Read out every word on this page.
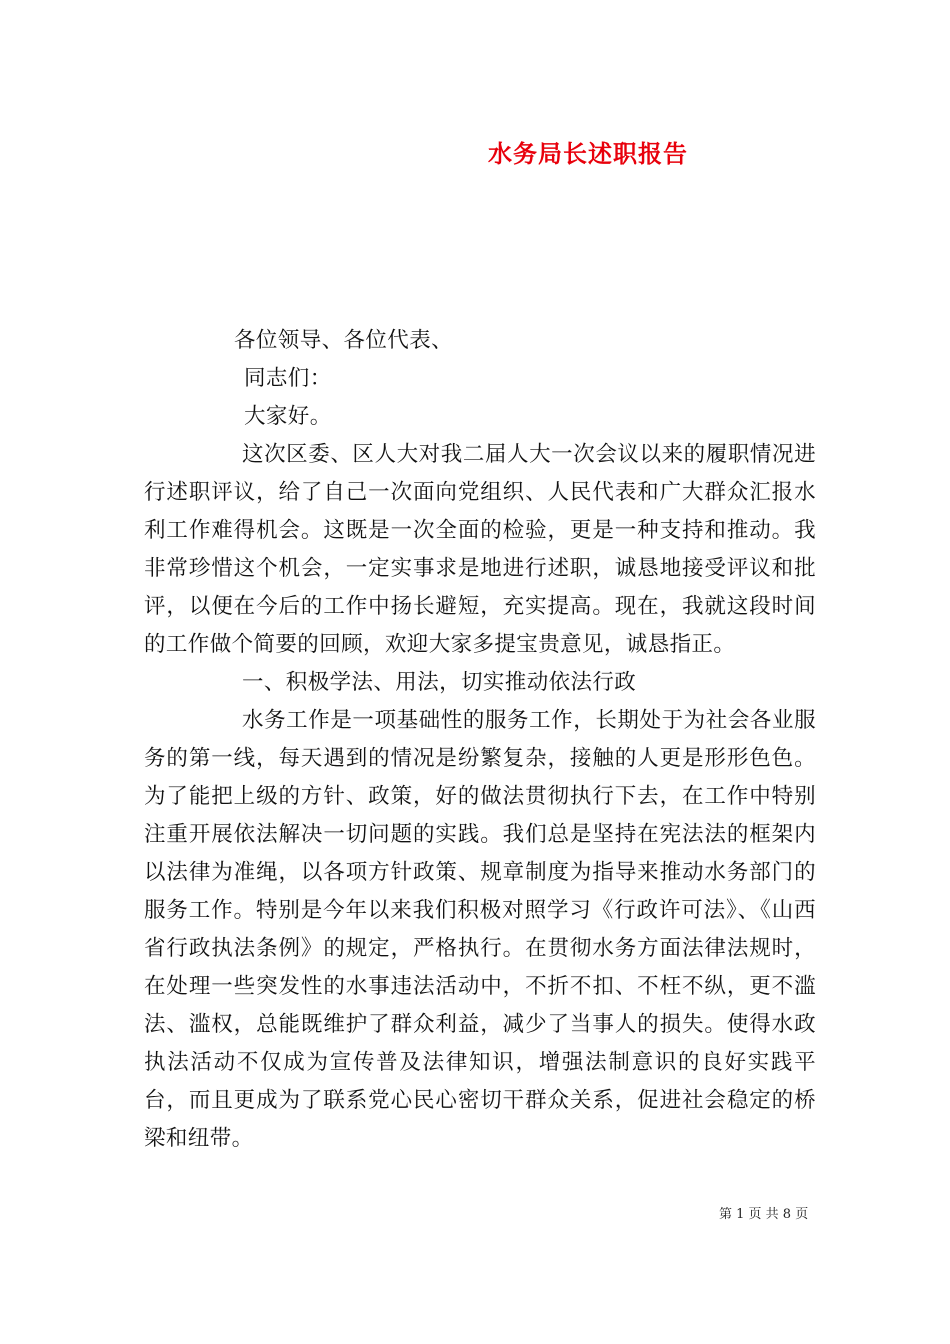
水务局长述职报告

各位领导、各位代表、

同志们：

大家好。

这次区委、区人大对我二届人大一次会议以来的履职情况进行述职评议，给了自己一次面向党组织、人民代表和广大群众汇报水利工作难得机会。这既是一次全面的检验，更是一种支持和推动。我非常珍惜这个机会，一定实事求是地进行述职，诚恳地接受评议和批评，以便在今后的工作中扬长避短，充实提高。现在，我就这段时间的工作做个简要的回顾，欢迎大家多提宝贵意见，诚恳指正。

一、积极学法、用法，切实推动依法行政

水务工作是一项基础性的服务工作，长期处于为社会各业服务的第一线，每天遇到的情况是纷繁复杂，接触的人更是形形色色。为了能把上级的方针、政策，好的做法贯彻执行下去，在工作中特别注重开展依法解决一切问题的实践。我们总是坚持在宪法法的框架内以法律为准绳，以各项方针政策、规章制度为指导来推动水务部门的服务工作。特别是今年以来我们积极对照学习《行政许可法》、《山西省行政执法条例》的规定，严格执行。在贯彻水务方面法律法规时，在处理一些突发性的水事违法活动中，不折不扣、不枉不纵，更不滥法、滥权，总能既维护了群众利益，减少了当事人的损失。使得水政执法活动不仅成为宣传普及法律知识，增强法制意识的良好实践平台，而且更成为了联系党心民心密切干群众关系，促进社会稳定的桥梁和纽带。

第 1 页 共 8 页
